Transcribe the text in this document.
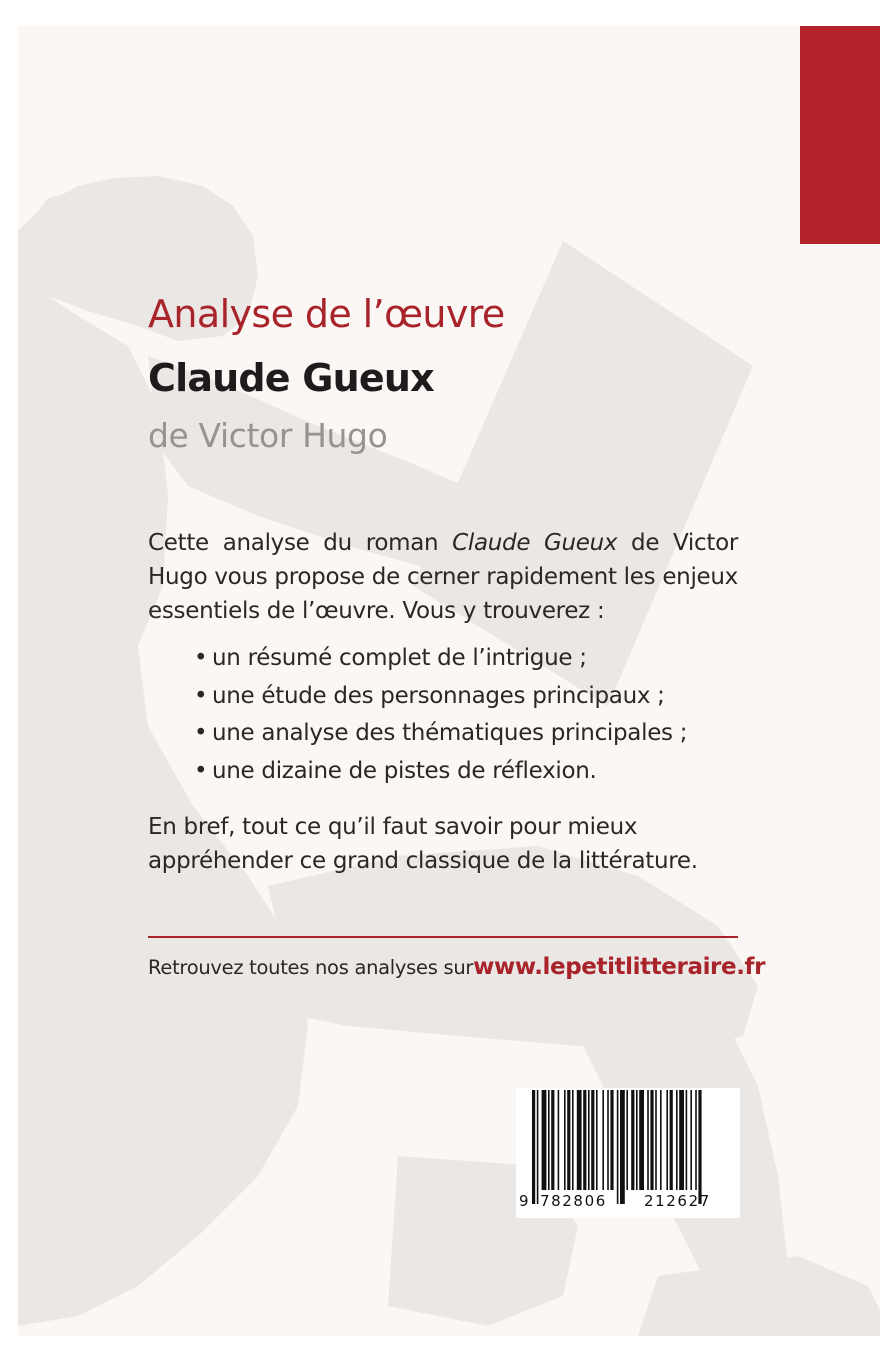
Analyse de l’œuvre
Claude Gueux

de Victor Hugo

Cette analyse du roman Claude Gueux de Victor Hugo vous propose de cerner rapidement les enjeux essentiels de l’œuvre. Vous y trouverez :

• un résumé complet de l’intrigue ;
• une étude des personnages principaux ;
• une analyse des thématiques principales ;
• une dizaine de pistes de réflexion.

En bref, tout ce qu’il faut savoir pour mieux appréhender ce grand classique de la littérature.

Retrouvez toutes nos analyses sur www.lepetitlitteraire.fr
9 782806 212627
